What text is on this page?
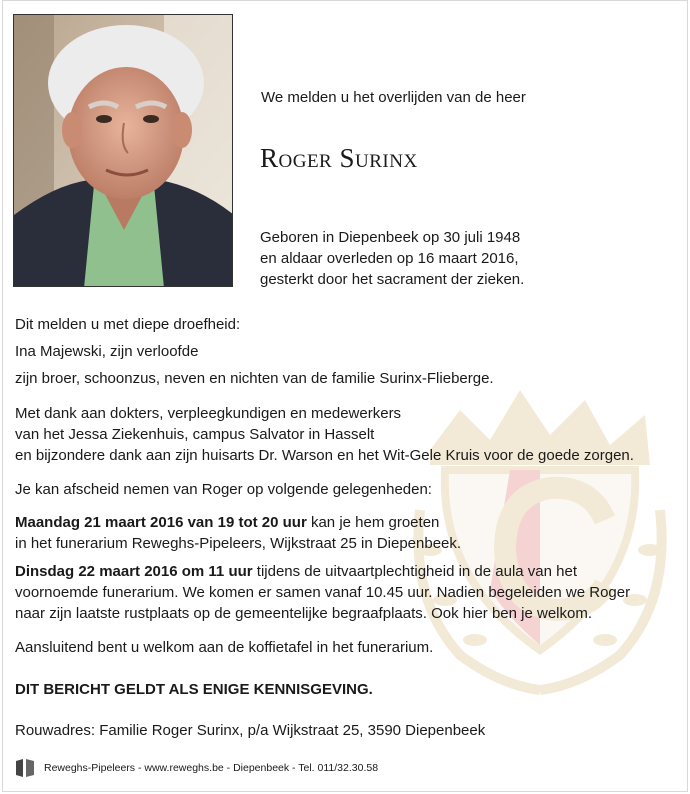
We melden u het overlijden van de heer
Roger Surinx
Geboren in Diepenbeek op 30 juli 1948
en aldaar overleden op 16 maart 2016,
gesterkt door het sacrament der zieken.
Dit melden u met diepe droefheid:
Ina Majewski, zijn verloofde
zijn broer, schoonzus, neven en nichten van de familie Surinx-Flieberge.
Met dank aan dokters, verpleegkundigen en medewerkers
van het Jessa Ziekenhuis, campus Salvator in Hasselt
en bijzondere dank aan zijn huisarts Dr. Warson en het Wit-Gele Kruis voor de goede zorgen.
Je kan afscheid nemen van Roger op volgende gelegenheden:
Maandag 21 maart 2016 van 19 tot 20 uur kan je hem groeten
in het funerarium Reweghs-Pipeleers, Wijkstraat 25 in Diepenbeek.
Dinsdag 22 maart 2016 om 11 uur tijdens de uitvaartplechtigheid in de aula van het
voornoemde funerarium. We komen er samen vanaf 10.45 uur. Nadien begeleiden we Roger
naar zijn laatste rustplaats op de gemeentelijke begraafplaats. Ook hier ben je welkom.
Aansluitend bent u welkom aan de koffietafel in het funerarium.
DIT BERICHT GELDT ALS ENIGE KENNISGEVING.
Rouwadres: Familie Roger Surinx, p/a Wijkstraat 25, 3590 Diepenbeek
Reweghs-Pipeleers - www.reweghs.be - Diepenbeek - Tel. 011/32.30.58
